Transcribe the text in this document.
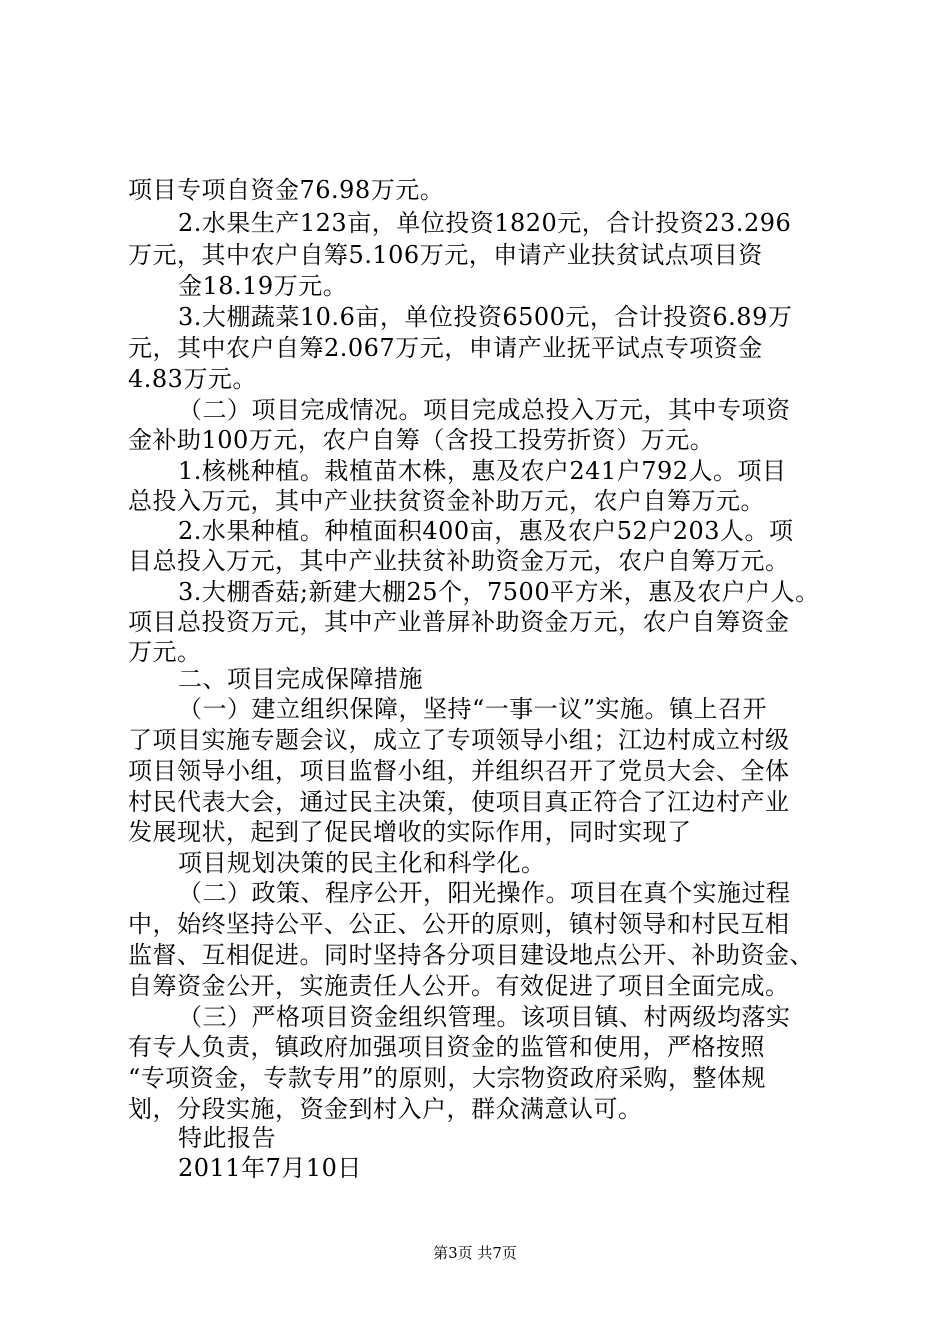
项目专项自资金76.98万元。
2.水果生产123亩，单位投资1820元，合计投资23.296
万元，其中农户自筹5.106万元，申请产业扶贫试点项目资
金18.19万元。
3.大棚蔬菜10.6亩，单位投资6500元，合计投资6.89万
元，其中农户自筹2.067万元，申请产业抚平试点专项资金
4.83万元。
（二）项目完成情况。项目完成总投入万元，其中专项资
金补助100万元，农户自筹（含投工投劳折资）万元。
1.核桃种植。栽植苗木株，惠及农户241户792人。项目
总投入万元，其中产业扶贫资金补助万元，农户自筹万元。
2.水果种植。种植面积400亩，惠及农户52户203人。项
目总投入万元，其中产业扶贫补助资金万元，农户自筹万元。
3.大棚香菇;新建大棚25个，7500平方米，惠及农户户人。
项目总投资万元，其中产业普屏补助资金万元，农户自筹资金
万元。
二、项目完成保障措施
（一）建立组织保障，坚持“一事一议”实施。镇上召开
了项目实施专题会议，成立了专项领导小组；江边村成立村级
项目领导小组，项目监督小组，并组织召开了党员大会、全体
村民代表大会，通过民主决策，使项目真正符合了江边村产业
发展现状，起到了促民增收的实际作用，同时实现了
项目规划决策的民主化和科学化。
（二）政策、程序公开，阳光操作。项目在真个实施过程
中，始终坚持公平、公正、公开的原则，镇村领导和村民互相
监督、互相促进。同时坚持各分项目建设地点公开、补助资金、
自筹资金公开，实施责任人公开。有效促进了项目全面完成。
（三）严格项目资金组织管理。该项目镇、村两级均落实
有专人负责，镇政府加强项目资金的监管和使用，严格按照
“专项资金，专款专用”的原则，大宗物资政府采购，整体规
划，分段实施，资金到村入户，群众满意认可。
特此报告
2011年7月10日
第3页 共7页
